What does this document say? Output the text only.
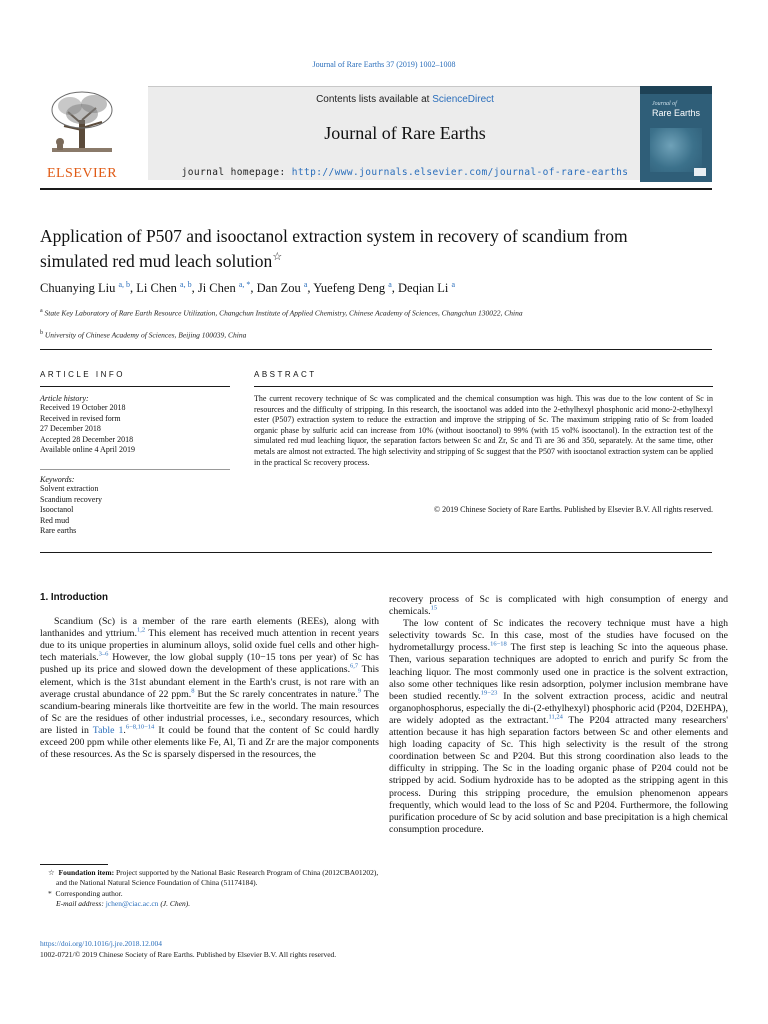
Journal of Rare Earths 37 (2019) 1002–1008
ELSEVIER
Contents lists available at ScienceDirect
Journal of Rare Earths
journal homepage: http://www.journals.elsevier.com/journal-of-rare-earths
Journal of
Rare Earths
Application of P507 and isooctanol extraction system in recovery of scandium from simulated red mud leach solution☆
Chuanying Liu $^{a, b}$, Li Chen $^{a, b}$, Ji Chen $^{a, *}$, Dan Zou $^a$, Yuefeng Deng $^a$, Deqian Li $^a$
$^a$ State Key Laboratory of Rare Earth Resource Utilization, Changchun Institute of Applied Chemistry, Chinese Academy of Sciences, Changchun 130022, China
$^b$ University of Chinese Academy of Sciences, Beijing 100039, China
ARTICLE INFO	ABSTRACT
Article history:
Received 19 October 2018
Received in revised form
27 December 2018
Accepted 28 December 2018
Available online 4 April 2019
Keywords:
Solvent extraction
Scandium recovery
Isooctanol
Red mud
Rare earths
The current recovery technique of Sc was complicated and the chemical consumption was high. This was due to the low content of Sc in resources and the difficulty of stripping. In this research, the isooctanol was added into the 2-ethylhexyl phosphonic acid mono-2-ethylhexyl ester (P507) extraction system to reduce the extraction and improve the stripping of Sc. The maximum stripping ratio of Sc from loaded organic phase by sulfuric acid can increase from 10% (without isooctanol) to 99% (with 15 vol% isooctanol). In the extraction test of the simulated red mud leaching liquor, the separation factors between Sc and Zr, Sc and Ti are 36 and 350, separately. At the same time, other metals are almost not extracted. The high selectivity and stripping of Sc suggest that the P507 with isooctanol extraction system can be applied in the practical Sc recovery process.
© 2019 Chinese Society of Rare Earths. Published by Elsevier B.V. All rights reserved.
1. Introduction

Scandium (Sc) is a member of the rare earth elements (REEs), along with lanthanides and yttrium.$^{1,2}$ This element has received much attention in recent years due to its unique properties in aluminum alloys, solid oxide fuel cells and other high-tech materials.$^{3-6}$ However, the low global supply (10−15 tons per year) of Sc has pushed up its price and slowed down the development of these applications.$^{6,7}$ This element, which is the 31st abundant element in the Earth's crust, is not rare with an average crustal abundance of 22 ppm.$^8$ But the Sc rarely concentrates in nature.$^9$ The scandium-bearing minerals like thortveitite are few in the world. The main resources of Sc are the residues of other industrial processes, i.e., secondary resources, which are listed in Table 1.$^{6-8,10-14}$ It could be found that the content of Sc could hardly exceed 200 ppm while other elements like Fe, Al, Ti and Zr are the major components of these resources. As the Sc is sparsely dispersed in the resources, the

recovery process of Sc is complicated with high consumption of energy and chemicals.$^{15}$

The low content of Sc indicates the recovery technique must have a high selectivity towards Sc. In this case, most of the studies have focused on the hydrometallurgy process.$^{16-18}$ The first step is leaching Sc into the aqueous phase. Then, various separation techniques are adopted to enrich and purify Sc from the leaching liquor. The most commonly used one in practice is the solvent extraction, also some other techniques like resin adsorption, polymer inclusion membrane have been studied recently.$^{19-23}$ In the solvent extraction process, acidic and neutral organophosphorus, especially the di-(2-ethylhexyl) phosphoric acid (P204, D2EHPA), are widely adopted as the extractant.$^{11,24}$ The P204 attracted many researchers' attention because it has high separation factors between Sc and other elements and high loading capacity of Sc. This high selectivity is the result of the strong coordination between Sc and P204. But this strong coordination also leads to the difficulty in stripping. The Sc in the loading organic phase of P204 could not be stripped by acid. Sodium hydroxide has to be adopted as the stripping agent in this process. During this stripping procedure, the emulsion phenomenon appears frequently, which would lead to the loss of Sc and P204. Furthermore, the following purification procedure of Sc by acid solution and base precipitation is a high chemical consumption procedure.

☆ Foundation item: Project supported by the National Basic Research Program of China (2012CBA01202), and the National Natural Science Foundation of China (51174184).
* Corresponding author.
E-mail address: jchen@ciac.ac.cn (J. Chen).
https://doi.org/10.1016/j.jre.2018.12.004
1002-0721/© 2019 Chinese Society of Rare Earths. Published by Elsevier B.V. All rights reserved.
